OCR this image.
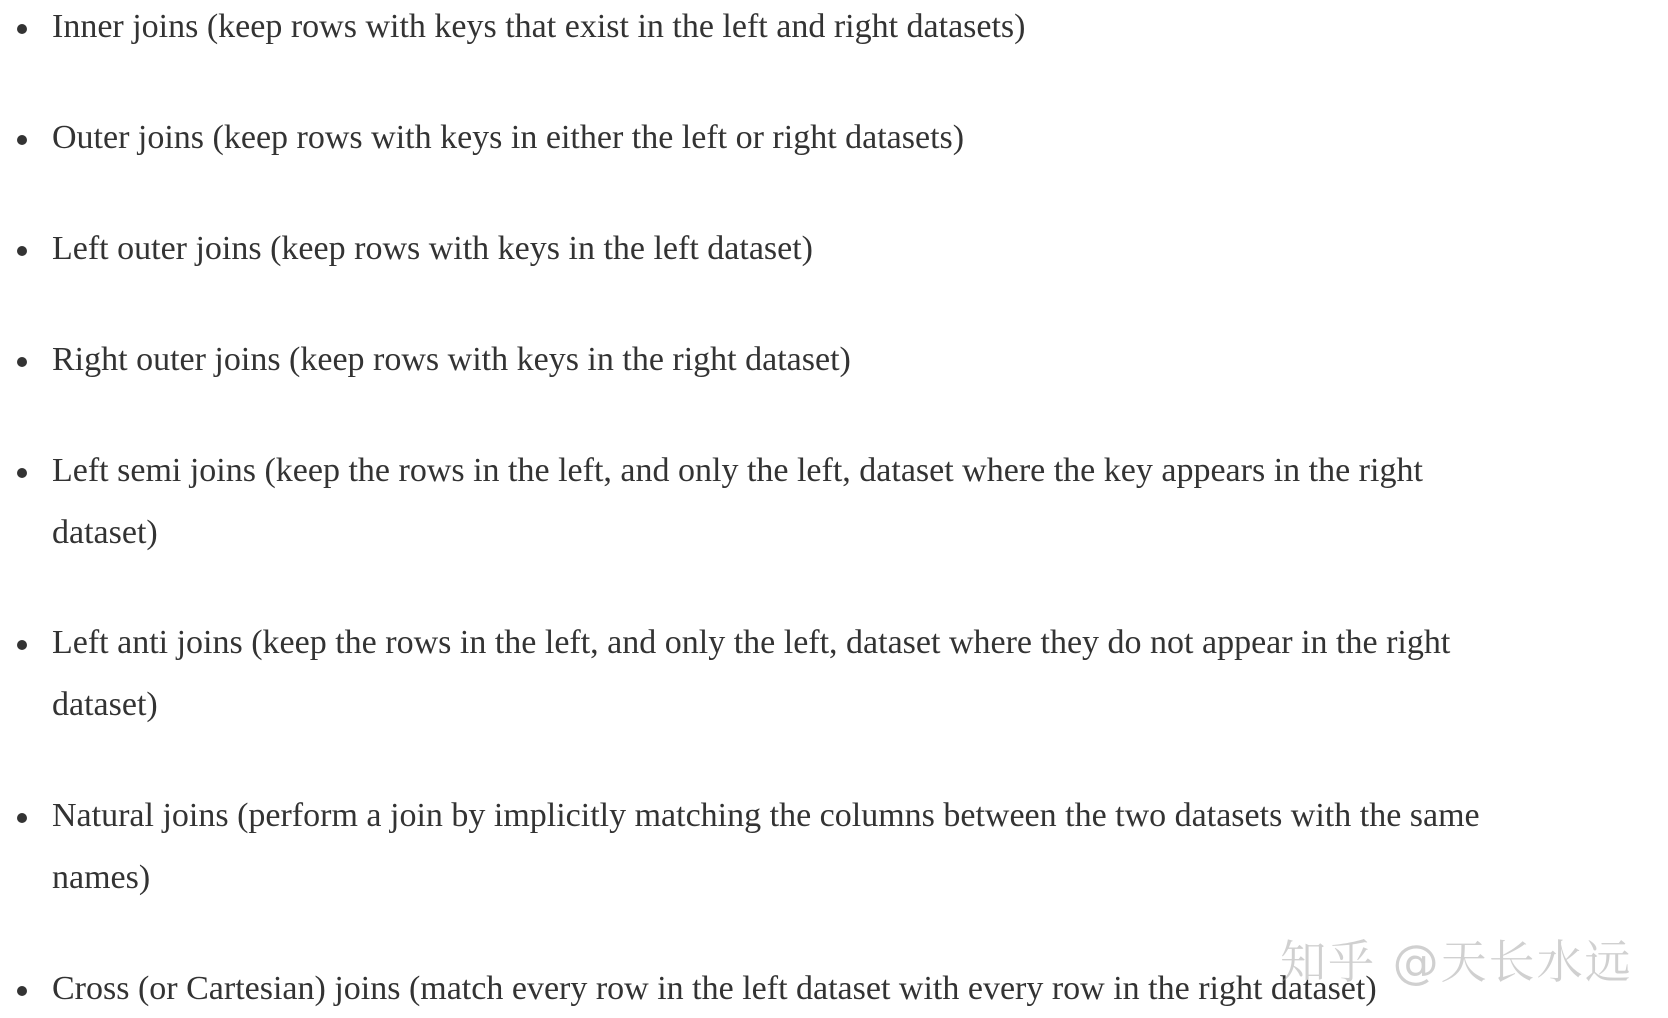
Inner joins (keep rows with keys that exist in the left and right datasets)
Outer joins (keep rows with keys in either the left or right datasets)
Left outer joins (keep rows with keys in the left dataset)
Right outer joins (keep rows with keys in the right dataset)
Left semi joins (keep the rows in the left, and only the left, dataset where the key appears in the right
dataset)
Left anti joins (keep the rows in the left, and only the left, dataset where they do not appear in the right
dataset)
Natural joins (perform a join by implicitly matching the columns between the two datasets with the same
names)
Cross (or Cartesian) joins (match every row in the left dataset with every row in the right dataset)
知乎 @天长水远
